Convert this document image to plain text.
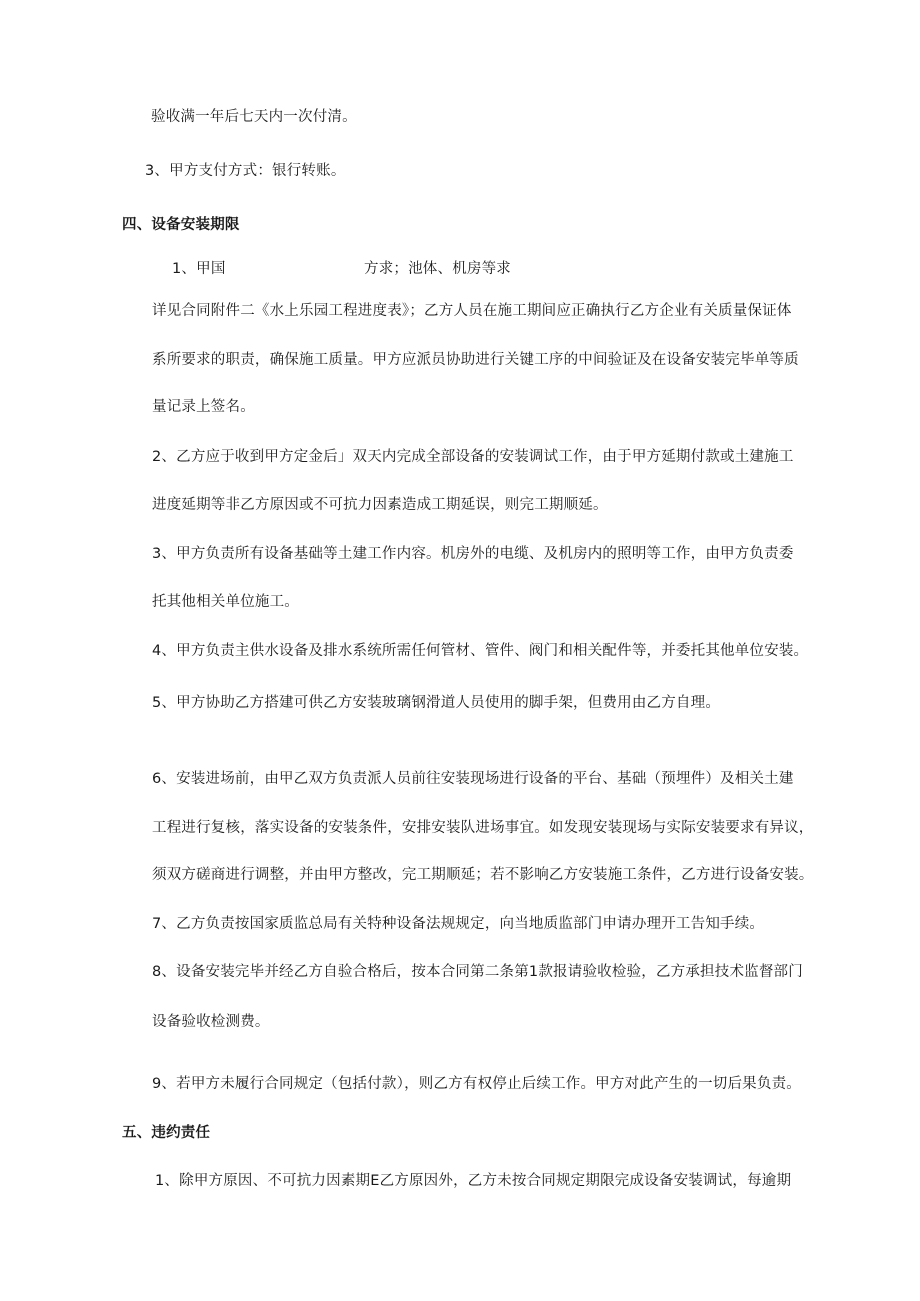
验收满一年后七天内一次付清。
3、甲方支付方式：银行转账。
四、设备安装期限
1、甲国	方求；池体、机房等求
详见合同附件二《水上乐园工程进度表》；乙方人员在施工期间应正确执行乙方企业有关质量保证体
系所要求的职责，确保施工质量。甲方应派员协助进行关键工序的中间验证及在设备安装完毕单等质
量记录上签名。
2、乙方应于收到甲方定金后」双天内完成全部设备的安装调试工作，由于甲方延期付款或土建施工
进度延期等非乙方原因或不可抗力因素造成工期延误，则完工期顺延。
3、甲方负责所有设备基础等土建工作内容。机房外的电缆、及机房内的照明等工作，由甲方负责委
托其他相关单位施工。
4、甲方负责主供水设备及排水系统所需任何管材、管件、阀门和相关配件等，并委托其他单位安装。
5、甲方协助乙方搭建可供乙方安装玻璃钢滑道人员使用的脚手架，但费用由乙方自理。
6、安装进场前，由甲乙双方负责派人员前往安装现场进行设备的平台、基础（预埋件）及相关土建
工程进行复核，落实设备的安装条件，安排安装队进场事宜。如发现安装现场与实际安装要求有异议，
须双方磋商进行调整，并由甲方整改，完工期顺延；若不影响乙方安装施工条件，乙方进行设备安装。
7、乙方负责按国家质监总局有关特种设备法规规定，向当地质监部门申请办理开工告知手续。
8、设备安装完毕并经乙方自验合格后，按本合同第二条第1款报请验收检验，乙方承担技术监督部门
设备验收检测费。
9、若甲方未履行合同规定（包括付款），则乙方有权停止后续工作。甲方对此产生的一切后果负责。
五、违约责任
1、除甲方原因、不可抗力因素期E乙方原因外，乙方未按合同规定期限完成设备安装调试，每逾期
